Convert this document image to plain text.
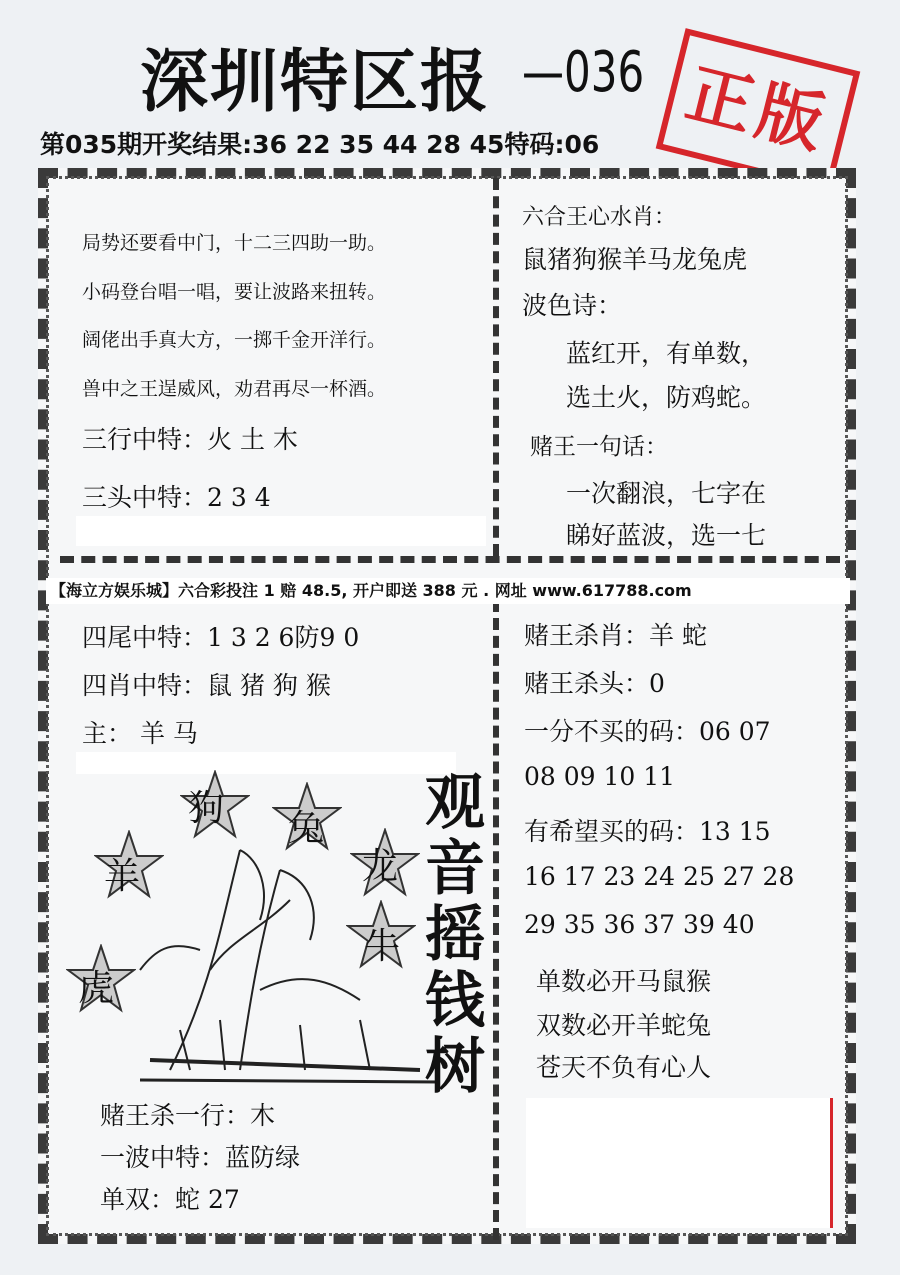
深圳特区报 —036 正版
第035期开奖结果:36 22 35 44 28 45特码:06
局势还要看中门，十二三四助一助。
小码登台唱一唱，要让波路来扭转。
阔佬出手真大方，一掷千金开洋行。
兽中之王逞威风，劝君再尽一杯酒。
三行中特：火 土 木
三头中特：2 3 4
六合王心水肖：
鼠猪狗猴羊马龙兔虎
波色诗：
蓝红开，有单数，
选土火，防鸡蛇。
赌王一句话：
一次翻浪，七字在
睇好蓝波，选一七
【海立方娱乐城】六合彩投注 1 赔 48.5, 开户即送 388 元 . 网址 www.617788.com
四尾中特：1 3 2 6防9 0
四肖中特：鼠 猪 狗 猴
主： 羊 马
狗 兔
羊	龙
牛
虎
观
音
摇
钱
树
赌王杀一行：木
一波中特：蓝防绿
单双：蛇 27
赌王杀肖：羊 蛇
赌王杀头：0
一分不买的码：06 07
08 09 10 11
有希望买的码：13 15
16 17 23 24 25 27 28
29 35 36 37 39 40
单数必开马鼠猴
双数必开羊蛇兔
苍天不负有心人
